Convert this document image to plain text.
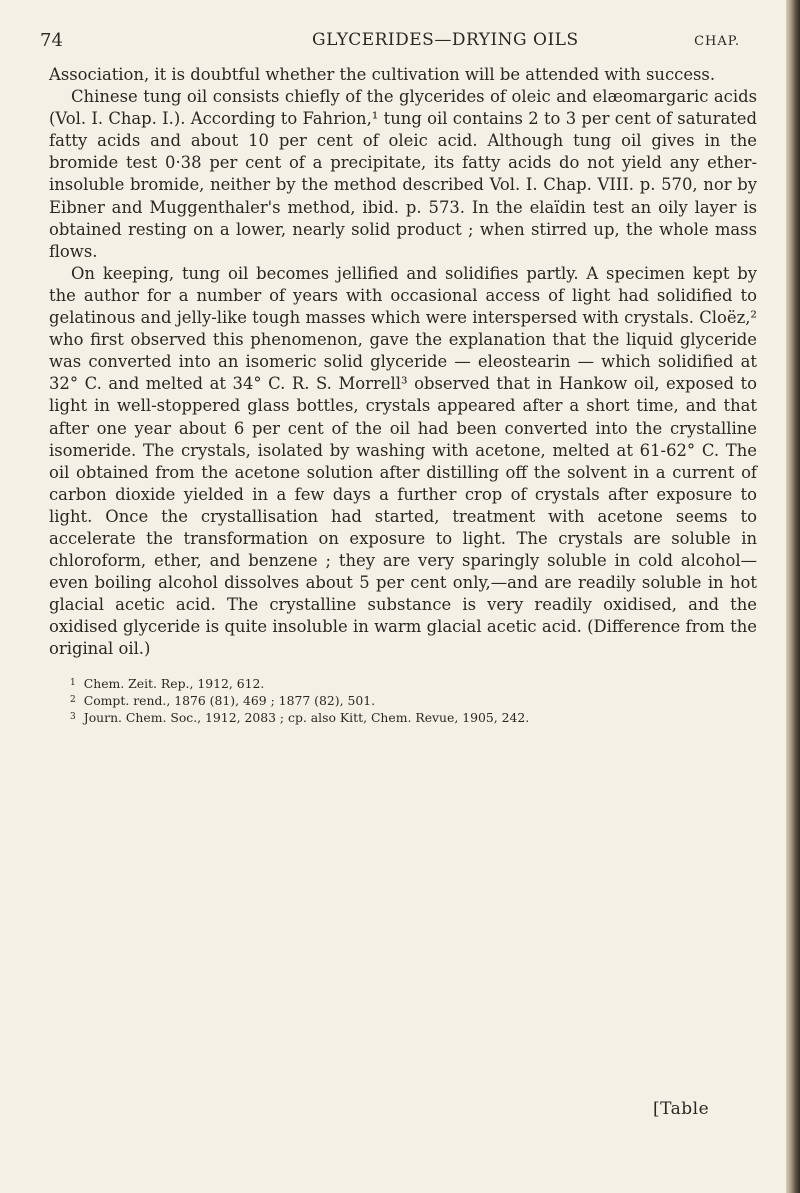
74	GLYCERIDES—DRYING OILS	CHAP.

Association, it is doubtful whether the cultivation will be attended with success.

Chinese tung oil consists chiefly of the glycerides of oleic and elæomargaric acids (Vol. I. Chap. I.). According to Fahrion,¹ tung oil contains 2 to 3 per cent of saturated fatty acids and about 10 per cent of oleic acid. Although tung oil gives in the bromide test 0·38 per cent of a precipitate, its fatty acids do not yield any ether-insoluble bromide, neither by the method described Vol. I. Chap. VIII. p. 570, nor by Eibner and Muggenthaler's method, ibid. p. 573. In the elaïdin test an oily layer is obtained resting on a lower, nearly solid product ; when stirred up, the whole mass flows.

On keeping, tung oil becomes jellified and solidifies partly. A specimen kept by the author for a number of years with occasional access of light had solidified to gelatinous and jelly-like tough masses which were interspersed with crystals. Cloëz,² who first observed this phenomenon, gave the explanation that the liquid glyceride was converted into an isomeric solid glyceride — eleostearin — which solidified at 32° C. and melted at 34° C. R. S. Morrell³ observed that in Hankow oil, exposed to light in well-stoppered glass bottles, crystals appeared after a short time, and that after one year about 6 per cent of the oil had been converted into the crystalline isomeride. The crystals, isolated by washing with acetone, melted at 61-62° C. The oil obtained from the acetone solution after distilling off the solvent in a current of carbon dioxide yielded in a few days a further crop of crystals after exposure to light. Once the crystallisation had started, treatment with acetone seems to accelerate the transformation on exposure to light. The crystals are soluble in chloroform, ether, and benzene ; they are very sparingly soluble in cold alcohol—even boiling alcohol dissolves about 5 per cent only,—and are readily soluble in hot glacial acetic acid. The crystalline substance is very readily oxidised, and the oxidised glyceride is quite insoluble in warm glacial acetic acid. (Difference from the original oil.)

$^1$ Chem. Zeit. Rep., 1912, 612.

$^2$ Compt. rend., 1876 (81), 469 ; 1877 (82), 501.

$^3$ Journ. Chem. Soc., 1912, 2083 ; cp. also Kitt, Chem. Revue, 1905, 242.

[Table
